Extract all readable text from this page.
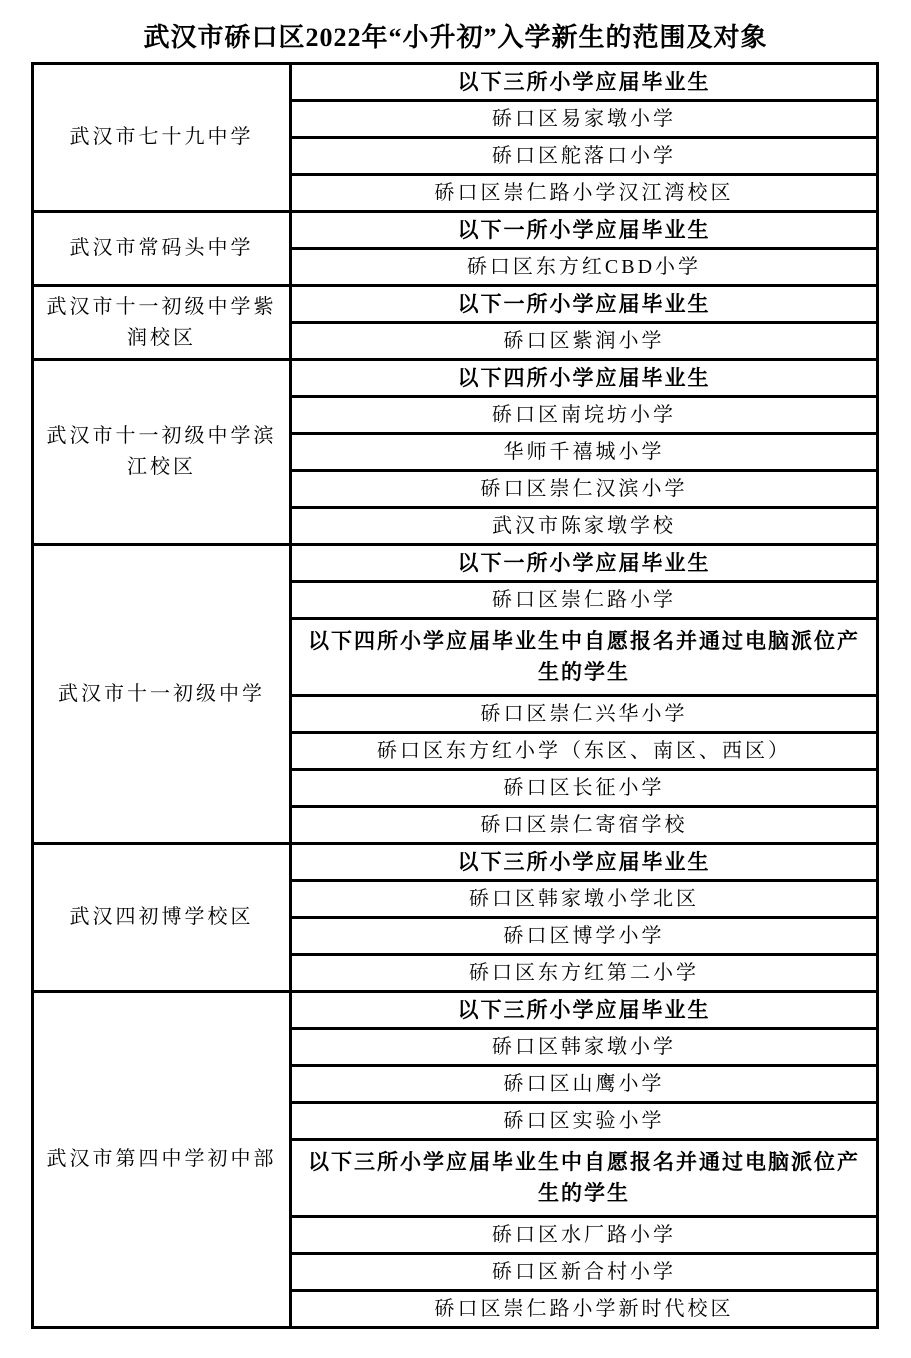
武汉市硚口区2022年“小升初”入学新生的范围及对象
武汉市七十九中学	以下三所小学应届毕业生
	硚口区易家墩小学
	硚口区舵落口小学
	硚口区崇仁路小学汉江湾校区
武汉市常码头中学	以下一所小学应届毕业生
	硚口区东方红CBD小学
武汉市十一初级中学紫润校区	以下一所小学应届毕业生
	硚口区紫润小学
武汉市十一初级中学滨江校区	以下四所小学应届毕业生
	硚口区南垸坊小学
	华师千禧城小学
	硚口区崇仁汉滨小学
	武汉市陈家墩学校
武汉市十一初级中学	以下一所小学应届毕业生
	硚口区崇仁路小学
	以下四所小学应届毕业生中自愿报名并通过电脑派位产生的学生
	硚口区崇仁兴华小学
	硚口区东方红小学（东区、南区、西区）
	硚口区长征小学
	硚口区崇仁寄宿学校
武汉四初博学校区	以下三所小学应届毕业生
	硚口区韩家墩小学北区
	硚口区博学小学
	硚口区东方红第二小学
武汉市第四中学初中部	以下三所小学应届毕业生
	硚口区韩家墩小学
	硚口区山鹰小学
	硚口区实验小学
	以下三所小学应届毕业生中自愿报名并通过电脑派位产生的学生
	硚口区水厂路小学
	硚口区新合村小学
	硚口区崇仁路小学新时代校区
